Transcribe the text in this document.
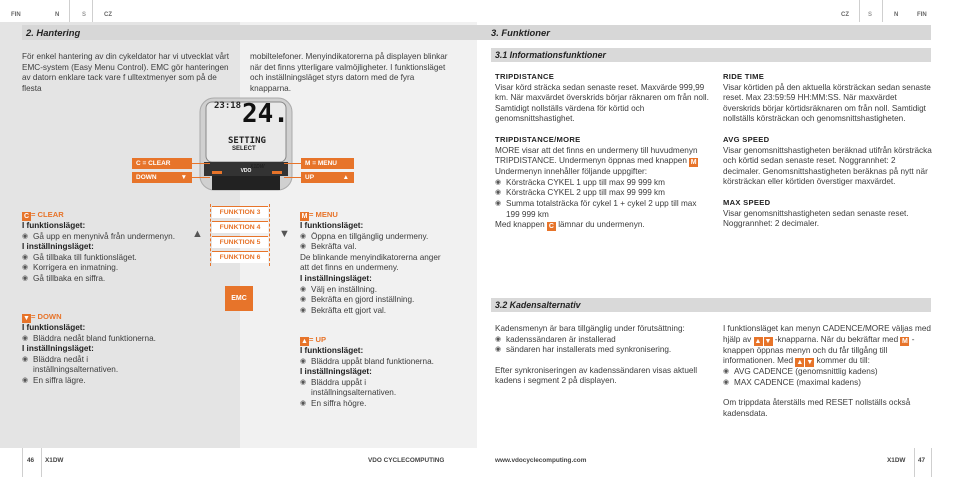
FIN	N	S	CZ
2. Hantering
För enkel hantering av din cykeldator har vi utvecklat vårt EMC-system (Easy Menu Control). EMC gör hanteringen av datorn enklare tack vare f ulltextmenyer som på de flesta
mobiltelefoner. Menyindikatorerna på displayen blinkar när det finns ytterligare valmöjligheter. I funktionsläget och inställningsläget styrs datorn med de fyra knapparna.
VDO
23:18 24.
SETTING
SELECT
X1DW
C = CLEAR
DOWN	▼
M = MENU
UP	▲
FUNKTION 3
FUNKTION 4
FUNKTION 5
FUNKTION 6
▲	▼
EMC
C = CLEAR
I funktionsläget:
◉ Gå upp en menynivå från undermenyn.
I inställningsläget:
◉ Gå tillbaka till funktionsläget.
◉ Korrigera en inmatning.
◉ Gå tillbaka en siffra.
▼= DOWN
I funktionsläget:
◉ Bläddra nedåt bland funktionerna.
I inställningsläget:
◉ Bläddra nedåt i inställningsalternativen.
◉ En siffra lägre.
M = MENU
I funktionsläget:
◉ Öppna en tillgänglig undermeny.
◉ Bekräfta val.
De blinkande menyindikatorerna anger att det finns en undermeny.
I inställningsläget:
◉ Välj en inställning.
◉ Bekräfta en gjord inställning.
◉ Bekräfta ett gjort val.
▲= UP
I funktionsläget:
◉ Bläddra uppåt bland funktionerna.
I inställningsläget:
◉ Bläddra uppåt i inställningsalternativen.
◉ En siffra högre.
46 X1DW	VDO CYCLECOMPUTING
CZ	S	N	FIN
3. Funktioner
3.1 Informationsfunktioner
TRIPDISTANCE
Visar körd sträcka sedan senaste reset. Maxvärde 999,99 km. När maxvärdet överskrids börjar räknaren om från noll. Samtidigt nollställs värdena för körtid och genomsnittshastighet.
TRIPDISTANCE/MORE
MORE visar att det finns en undermeny till huvudmenyn TRIPDISTANCE. Undermenyn öppnas med knappen M
Undermenyn innehåller följande uppgifter:
◉ Körsträcka CYKEL 1 upp till max 99 999 km
◉ Körsträcka CYKEL 2 upp till max 99 999 km
◉ Summa totalsträcka för cykel 1 + cykel 2 upp till max 199 999 km
Med knappen C lämnar du undermenyn.
RIDE TIME
Visar körtiden på den aktuella körsträckan sedan senaste reset. Max 23:59:59 HH:MM:SS. När maxvärdet överskrids börjar körtidsräknaren om från noll. Samtidigt nollställs körsträckan och genomsnittshastigheten.
AVG SPEED
Visar genomsnittshastigheten beräknad utifrån körsträcka och körtid sedan senaste reset. Noggrannhet: 2 decimaler. Genomsnittshastigheten beräknas på nytt när körsträckan eller körtiden överstiger maxvärdet.
MAX SPEED
Visar genomsnittshastigheten sedan senaste reset. Noggrannhet: 2 decimaler.
3.2 Kadensalternativ
Kadensmenyn är bara tillgänglig under förutsättning:
◉ kadenssändaren är installerad
◉ sändaren har installerats med synkronisering.
Efter synkroniseringen av kadenssändaren visas aktuell kadens i segment 2 på displayen.
I funktionsläget kan menyn CADENCE/MORE väljas med hjälp av ▲ ▼ -knapparna. När du bekräftar med M -knappen öppnas menyn och du får tillgång till informationen. Med ▲ ▼ kommer du till:
◉ AVG CADENCE (genomsnittlig kadens)
◉ MAX CADENCE (maximal kadens)
Om trippdata återställs med RESET nollställs också kadensdata.
www.vdocyclecomputing.com	X1DW 47
